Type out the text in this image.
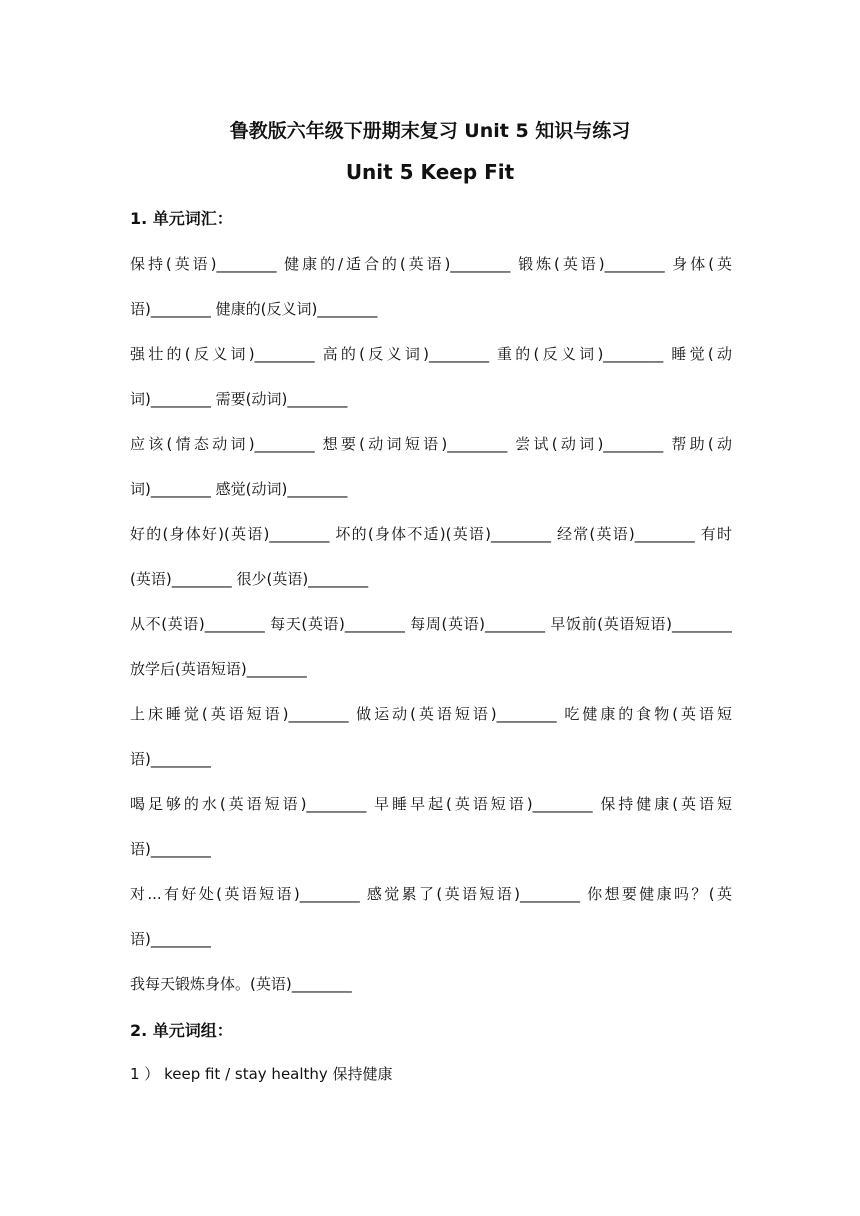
鲁教版六年级下册期末复习 Unit 5 知识与练习
Unit 5 Keep Fit
1. 单元词汇：

保持(英语)________ 健康的/适合的(英语)________ 锻炼(英语)________ 身体(英

语)________ 健康的(反义词)________

强壮的(反义词)________ 高的(反义词)________ 重的(反义词)________ 睡觉(动

词)________ 需要(动词)________

应该(情态动词)________ 想要(动词短语)________ 尝试(动词)________ 帮助(动

词)________ 感觉(动词)________

好的(身体好)(英语)________ 坏的(身体不适)(英语)________ 经常(英语)________ 有时

(英语)________ 很少(英语)________

从不(英语)________ 每天(英语)________ 每周(英语)________ 早饭前(英语短语)________

放学后(英语短语)________

上床睡觉(英语短语)________ 做运动(英语短语)________ 吃健康的食物(英语短

语)________

喝足够的水(英语短语)________ 早睡早起(英语短语)________ 保持健康(英语短

语)________

对...有好处(英语短语)________ 感觉累了(英语短语)________ 你想要健康吗？(英

语)________

我每天锻炼身体。(英语)________

2. 单元词组：

1 ） keep fit / stay healthy 保持健康
